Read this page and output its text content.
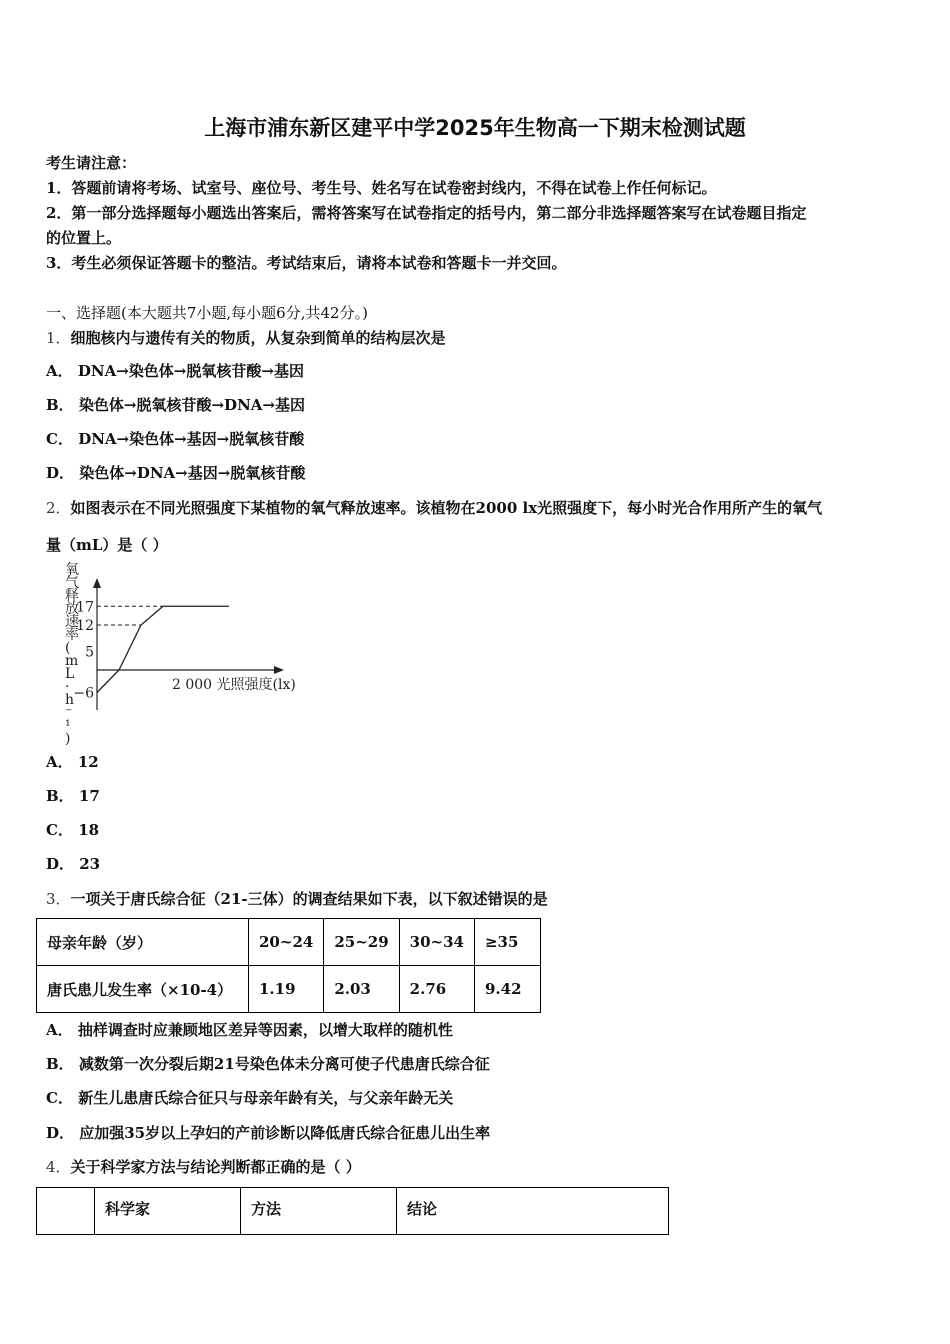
上海市浦东新区建平中学2025年生物高一下期末检测试题
考生请注意：
1．答题前请将考场、试室号、座位号、考生号、姓名写在试卷密封线内，不得在试卷上作任何标记。
2．第一部分选择题每小题选出答案后，需将答案写在试卷指定的括号内，第二部分非选择题答案写在试卷题目指定
的位置上。
3．考生必须保证答题卡的整洁。考试结束后，请将本试卷和答题卡一并交回。
一、选择题(本大题共7小题,每小题6分,共42分。)
1．细胞核内与遗传有关的物质，从复杂到简单的结构层次是
A． DNA→染色体→脱氧核苷酸→基因
B． 染色体→脱氧核苷酸→DNA→基因
C． DNA→染色体→基因→脱氧核苷酸
D． 染色体→DNA→基因→脱氧核苷酸
2．如图表示在不同光照强度下某植物的氧气释放速率。该植物在2000 lx光照强度下，每小时光合作用所产生的氧气
量（mL）是（ ）
氧气释放速率( m L · h ⁻ ¹ )
17
12
5
−6
2 000 光照强度(lx)
A． 12
B． 17
C． 18
D． 23
3．一项关于唐氏综合征（21-三体）的调查结果如下表，以下叙述错误的是
母亲年龄（岁）	20~24	25~29	30~34	≥35
唐氏患儿发生率（×10-4）	1.19	2.03	2.76	9.42
A． 抽样调查时应兼顾地区差异等因素，以增大取样的随机性
B． 减数第一次分裂后期21号染色体未分离可使子代患唐氏综合征
C． 新生儿患唐氏综合征只与母亲年龄有关，与父亲年龄无关
D． 应加强35岁以上孕妇的产前诊断以降低唐氏综合征患儿出生率
4．关于科学家方法与结论判断都正确的是（ ）
	科学家	方法	结论
